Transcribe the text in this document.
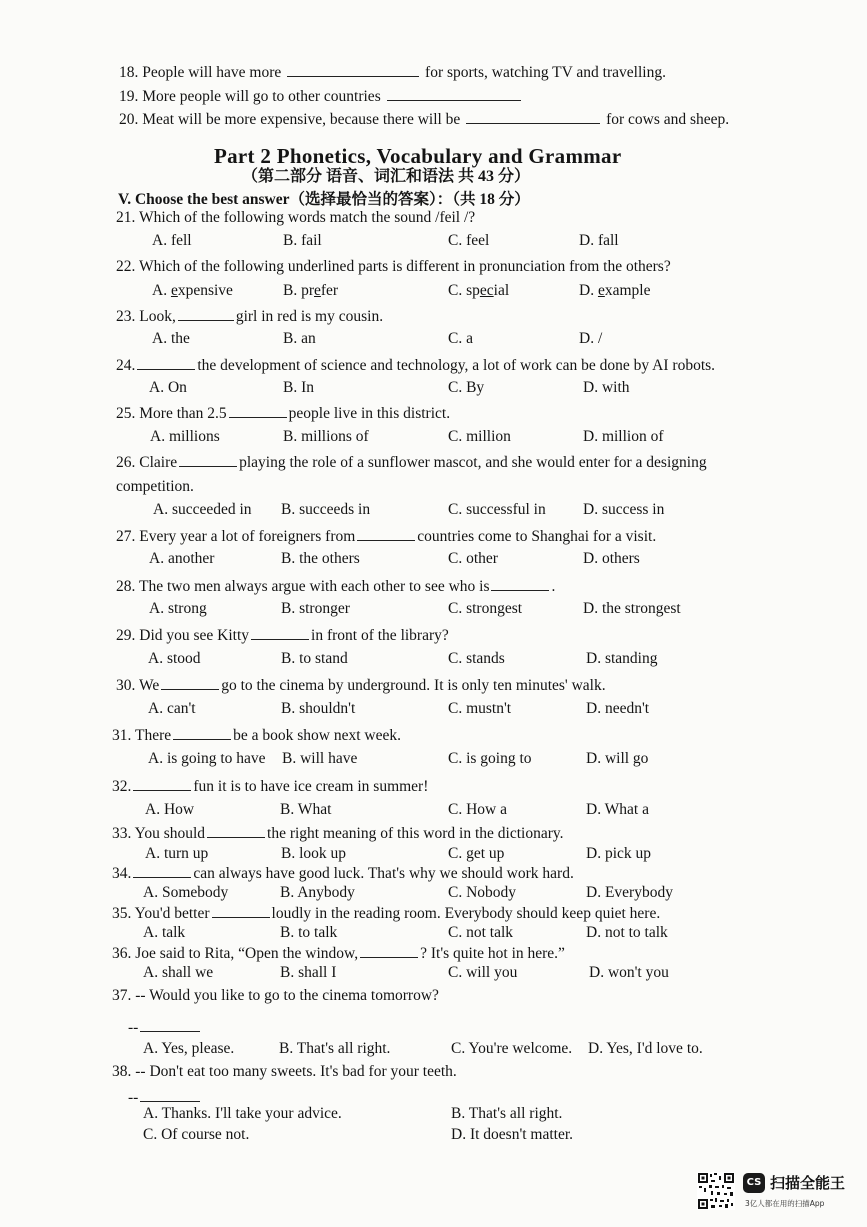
18. People will have more	for sports, watching TV and travelling.
19. More people will go to other countries
20. Meat will be more expensive, because there will be	for cows and sheep.
Part 2 Phonetics, Vocabulary and Grammar
（第二部分 语音、词汇和语法 共 43 分）
V. Choose the best answer（选择最恰当的答案）：（共 18 分）
21. Which of the following words match the sound /feil /?
A. fell	B. fail	C. feel	D. fall
22. Which of the following underlined parts is different in pronunciation from the others?
A. expensive	B. prefer	C. special	D. example
23. Look,	girl in red is my cousin.
A. the	B. an	C. a	D. /
24.	the development of science and technology, a lot of work can be done by AI robots.
A. On	B. In	C. By	D. with
25. More than 2.5	people live in this district.
A. millions	B. millions of	C. million	D. million of
26. Claire	playing the role of a sunflower mascot, and she would enter for a designing
competition.
A. succeeded in B. succeeds in	C. successful in D. success in
27. Every year a lot of foreigners from	countries come to Shanghai for a visit.
A. another	B. the others	C. other	D. others
28. The two men always argue with each other to see who is	.
A. strong	B. stronger	C. strongest	D. the strongest
29. Did you see Kitty	in front of the library?
A. stood	B. to stand	C. stands	D. standing
30. We	go to the cinema by underground. It is only ten minutes' walk.
A. can't	B. shouldn't	C. mustn't	D. needn't
31. There	be a book show next week.
A. is going to have B. will have	C. is going to	D. will go
32.	fun it is to have ice cream in summer!
A. How	B. What	C. How a	D. What a
33. You should	the right meaning of this word in the dictionary.
A. turn up	B. look up	C. get up	D. pick up
34.	can always have good luck. That's why we should work hard.
A. Somebody	B. Anybody	C. Nobody	D. Everybody
35. You'd better	loudly in the reading room. Everybody should keep quiet here.
A. talk	B. to talk	C. not talk	D. not to talk
36. Joe said to Rita, “Open the window,	? It's quite hot in here.”
A. shall we	B. shall I	C. will you	D. won't you
37. -- Would you like to go to the cinema tomorrow?
--
A. Yes, please.	B. That's all right.	C. You're welcome. D. Yes, I'd love to.
38. -- Don't eat too many sweets. It's bad for your teeth.
--
A. Thanks. I'll take your advice.	B. That's all right.
C. Of course not.	D. It doesn't matter.
CS 扫描全能王
3亿人都在用的扫描App
